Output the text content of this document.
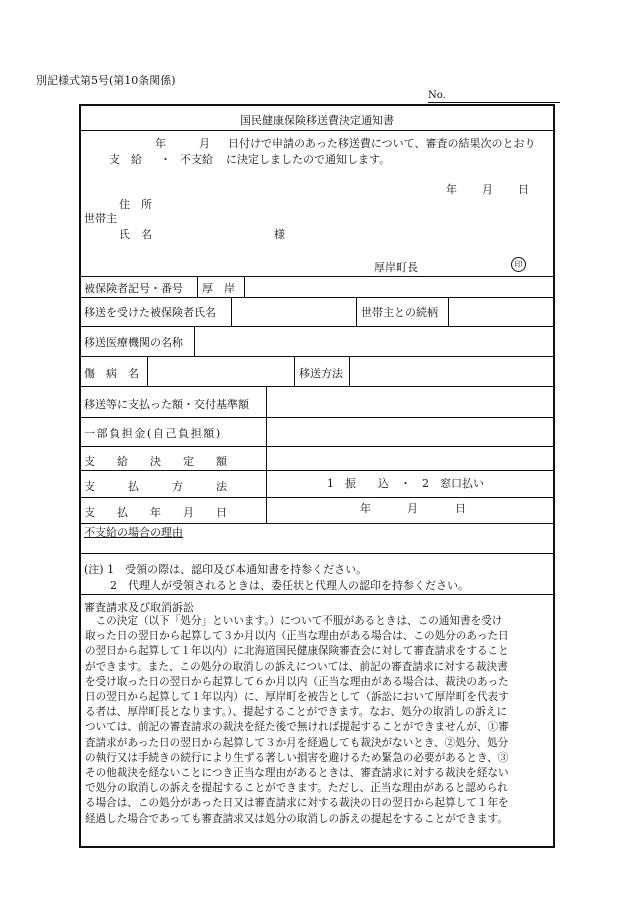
別記様式第5号(第10条関係)
No.
国民健康保険移送費決定通知書
年	月 日付けで申請のあった移送費について、審査の結果次のとおり
支　給 ・ 不支給 に決定しましたので通知します。
年 月 日
住　所
世帯主
氏　名	様
厚岸町長	印
被保険者記号・番号 厚　岸
移送を受けた被保険者氏名	世帯主との続柄
移送医療機関の名称
傷　病　名	移送方法
移送等に支払った額・交付基準額
一部負担金(自己負担額)
支　　給　　決　　定　　額
支　　　払　　　方　　　法	1　振　　込　・　2　窓口払い
支　　払　　年　　月　　日	年	月	日
不支給の場合の理由
(注) 1　受領の際は、認印及び本通知書を持参ください。
2　代理人が受領されるときは、委任状と代理人の認印を持参ください。
審査請求及び取消訴訟
　この決定（以下「処分」といいます。）について不服があるときは、この通知書を受け
取った日の翌日から起算して３か月以内（正当な理由がある場合は、この処分のあった日
の翌日から起算して１年以内）に北海道国民健康保険審査会に対して審査請求をすること
ができます。また、この処分の取消しの訴えについては、前記の審査請求に対する裁決書
を受け取った日の翌日から起算して６か月以内（正当な理由がある場合は、裁決のあった
日の翌日から起算して１年以内）に、厚岸町を被告として（訴訟において厚岸町を代表す
る者は、厚岸町長となります。）、提起することができます。なお、処分の取消しの訴えに
ついては、前記の審査請求の裁決を経た後で無ければ提起することができませんが、①審
査請求があった日の翌日から起算して３か月を経過しても裁決がないとき、②処分、処分
の執行又は手続きの続行により生ずる著しい損害を避けるため緊急の必要があるとき、③
その他裁決を経ないことにつき正当な理由があるときは、審査請求に対する裁決を経ない
で処分の取消しの訴えを提起することができます。ただし、正当な理由があると認められ
る場合は、この処分があった日又は審査請求に対する裁決の日の翌日から起算して１年を
経過した場合であっても審査請求又は処分の取消しの訴えの提起をすることができます。
